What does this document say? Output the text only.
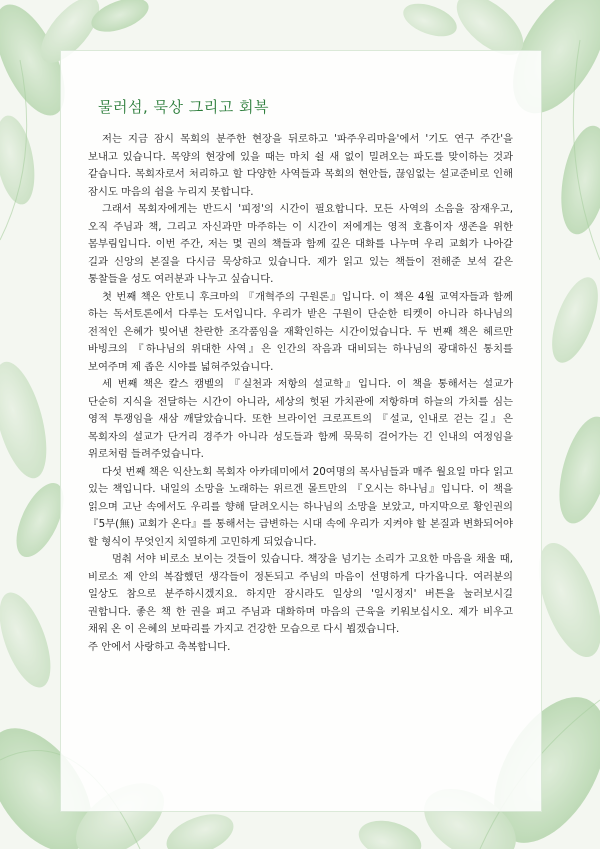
물러섬, 묵상 그리고 회복

저는 지금 잠시 목회의 분주한 현장을 뒤로하고 '파주우리마을'에서 '기도 연구 주간'을 보내고 있습니다. 목양의 현장에 있을 때는 마치 쉴 새 없이 밀려오는 파도를 맞이하는 것과 같습니다. 목회자로서 처리하고 할 다양한 사역들과 목회의 현안들, 끊임없는 설교준비로 인해 잠시도 마음의 쉼을 누리지 못합니다.

그래서 목회자에게는 반드시 '피정'의 시간이 필요합니다. 모든 사역의 소음을 잠재우고, 오직 주님과 책, 그리고 자신과만 마주하는 이 시간이 저에게는 영적 호흡이자 생존을 위한 몸부림입니다. 이번 주간, 저는 몇 권의 책들과 함께 깊은 대화를 나누며 우리 교회가 나아갈 길과 신앙의 본질을 다시금 묵상하고 있습니다. 제가 읽고 있는 책들이 전해준 보석 같은 통찰들을 성도 여러분과 나누고 싶습니다.

첫 번째 책은 안토니 후크마의 『개혁주의 구원론』입니다. 이 책은 4월 교역자들과 함께 하는 독서토론에서 다루는 도서입니다. 우리가 받은 구원이 단순한 티켓이 아니라 하나님의 전적인 은혜가 빚어낸 찬란한 조각품임을 재확인하는 시간이었습니다. 두 번째 책은 헤르만 바빙크의 『하나님의 위대한 사역』은 인간의 작음과 대비되는 하나님의 광대하신 통치를 보여주며 제 좁은 시야를 넓혀주었습니다.

세 번째 책은 칼스 캠벨의 『실천과 저항의 설교학』입니다. 이 책을 통해서는 설교가 단순히 지식을 전달하는 시간이 아니라, 세상의 헛된 가치관에 저항하며 하늘의 가치를 심는 영적 투쟁임을 새삼 깨달았습니다. 또한 브라이언 크로프트의 『설교, 인내로 걷는 길』은 목회자의 설교가 단거리 경주가 아니라 성도들과 함께 묵묵히 걸어가는 긴 인내의 여정임을 위로처럼 들려주었습니다.

다섯 번째 책은 익산노회 목회자 아카데미에서 20여명의 목사님들과 매주 월요일 마다 읽고 있는 책입니다. 내일의 소망을 노래하는 위르겐 몰트만의 『오시는 하나님』입니다. 이 책을 읽으며 고난 속에서도 우리를 향해 달려오시는 하나님의 소망을 보았고, 마지막으로 황인권의 『5무(無) 교회가 온다』를 통해서는 급변하는 시대 속에 우리가 지켜야 할 본질과 변화되어야 할 형식이 무엇인지 치열하게 고민하게 되었습니다.

멈춰 서야 비로소 보이는 것들이 있습니다. 책장을 넘기는 소리가 고요한 마음을 채울 때, 비로소 제 안의 복잡했던 생각들이 정돈되고 주님의 마음이 선명하게 다가옵니다. 여러분의 일상도 참으로 분주하시겠지요. 하지만 잠시라도 일상의 '일시정지' 버튼을 눌러보시길 권합니다. 좋은 책 한 권을 펴고 주님과 대화하며 마음의 근육을 키워보십시오. 제가 비우고 채워 온 이 은혜의 보따리를 가지고 건강한 모습으로 다시 뵙겠습니다.

주 안에서 사랑하고 축복합니다.
